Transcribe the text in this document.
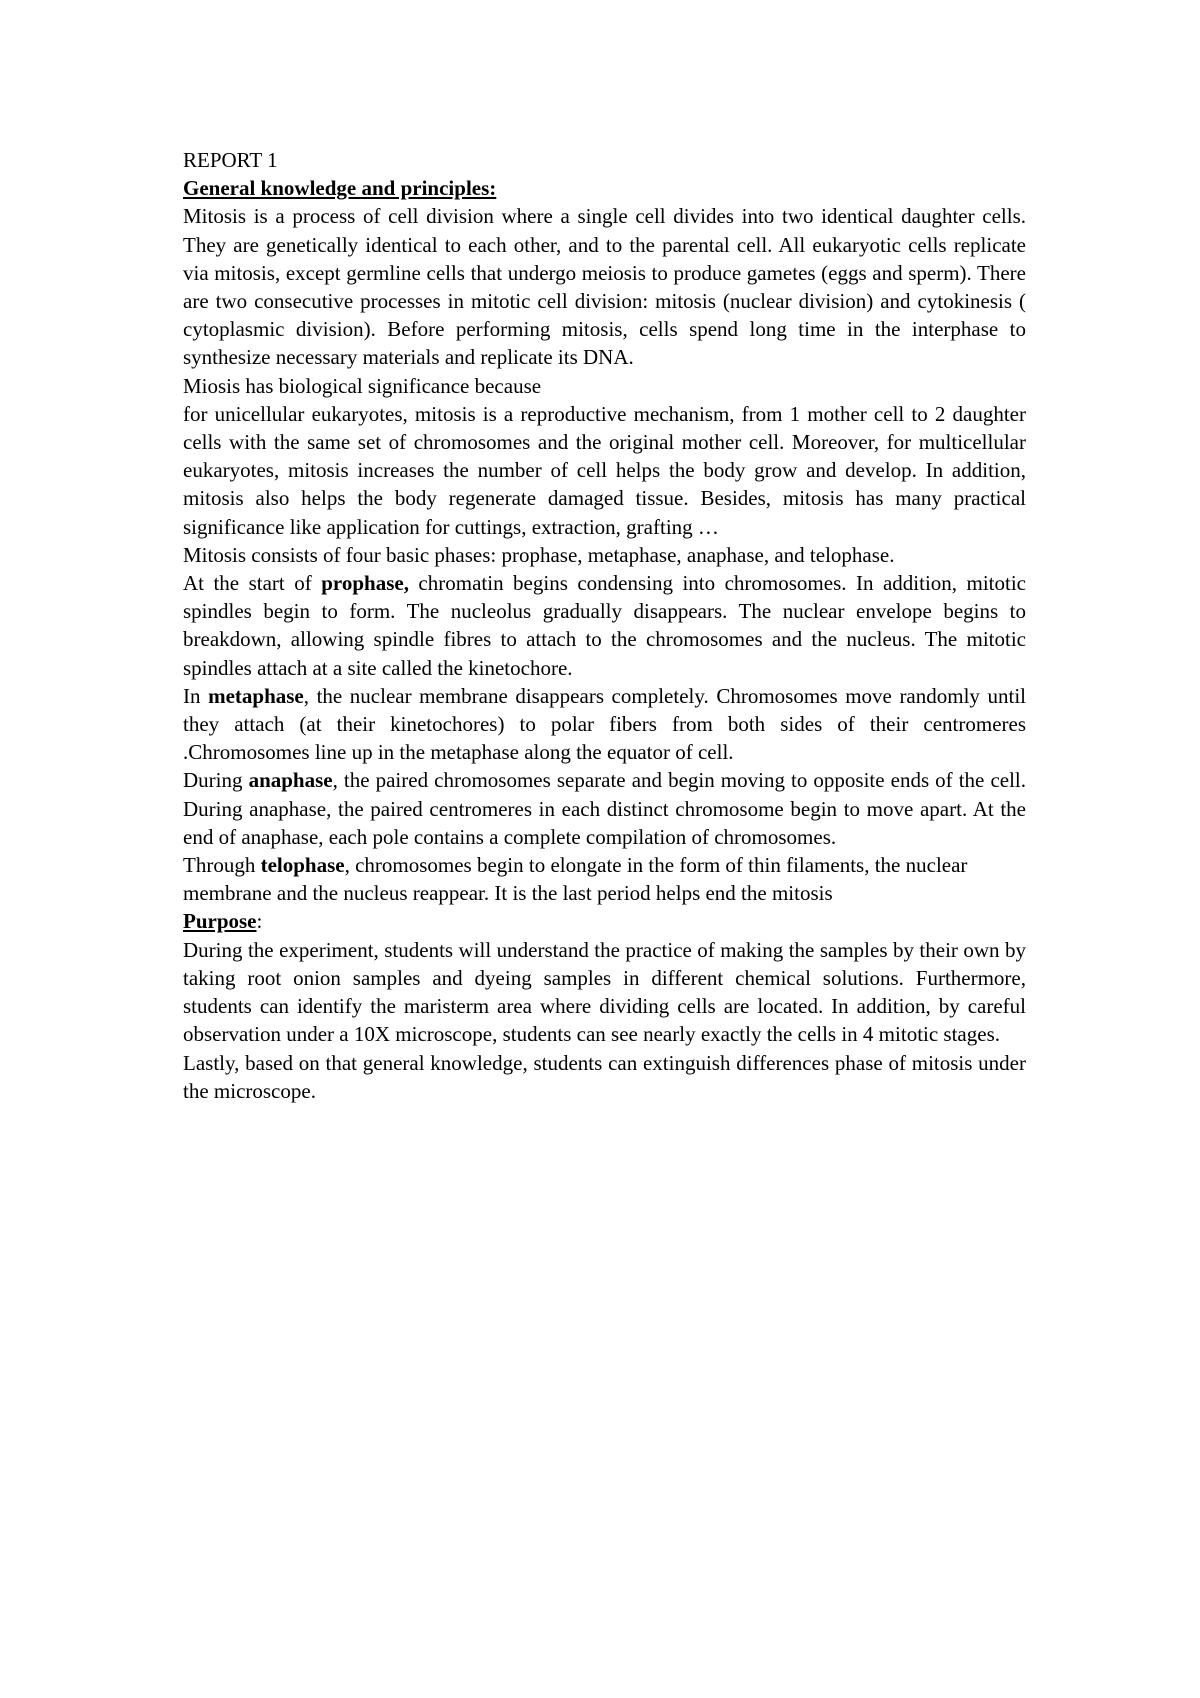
REPORT 1

General knowledge and principles:

Mitosis is a process of cell division where a single cell divides into two identical daughter cells. They are genetically identical to each other, and to the parental cell. All eukaryotic cells replicate via mitosis, except germline cells that undergo meiosis to produce gametes (eggs and sperm). There are two consecutive processes in mitotic cell division: mitosis (nuclear division) and cytokinesis ( cytoplasmic division). Before performing mitosis, cells spend long time in the interphase to synthesize necessary materials and replicate its DNA.

Miosis has biological significance because

for unicellular eukaryotes, mitosis is a reproductive mechanism, from 1 mother cell to 2 daughter cells with the same set of chromosomes and the original mother cell. Moreover, for multicellular eukaryotes, mitosis increases the number of cell helps the body grow and develop. In addition, mitosis also helps the body regenerate damaged tissue. Besides, mitosis has many practical significance like application for cuttings, extraction, grafting …

Mitosis consists of four basic phases: prophase, metaphase, anaphase, and telophase.

At the start of prophase, chromatin begins condensing into chromosomes. In addition, mitotic spindles begin to form. The nucleolus gradually disappears. The nuclear envelope begins to breakdown, allowing spindle fibres to attach to the chromosomes and the nucleus. The mitotic spindles attach at a site called the kinetochore.

In metaphase, the nuclear membrane disappears completely. Chromosomes move randomly until they attach (at their kinetochores) to polar fibers from both sides of their centromeres .Chromosomes line up in the metaphase along the equator of cell.

During anaphase, the paired chromosomes separate and begin moving to opposite ends of the cell. During anaphase, the paired centromeres in each distinct chromosome begin to move apart. At the end of anaphase, each pole contains a complete compilation of chromosomes.

Through telophase, chromosomes begin to elongate in the form of thin filaments, the nuclear membrane and the nucleus reappear. It is the last period helps end the mitosis

Purpose:

During the experiment, students will understand the practice of making the samples by their own by taking root onion samples and dyeing samples in different chemical solutions. Furthermore, students can identify the maristerm area where dividing cells are located. In addition, by careful observation under a 10X microscope, students can see nearly exactly the cells in 4 mitotic stages.

Lastly, based on that general knowledge, students can extinguish differences phase of mitosis under the microscope.
